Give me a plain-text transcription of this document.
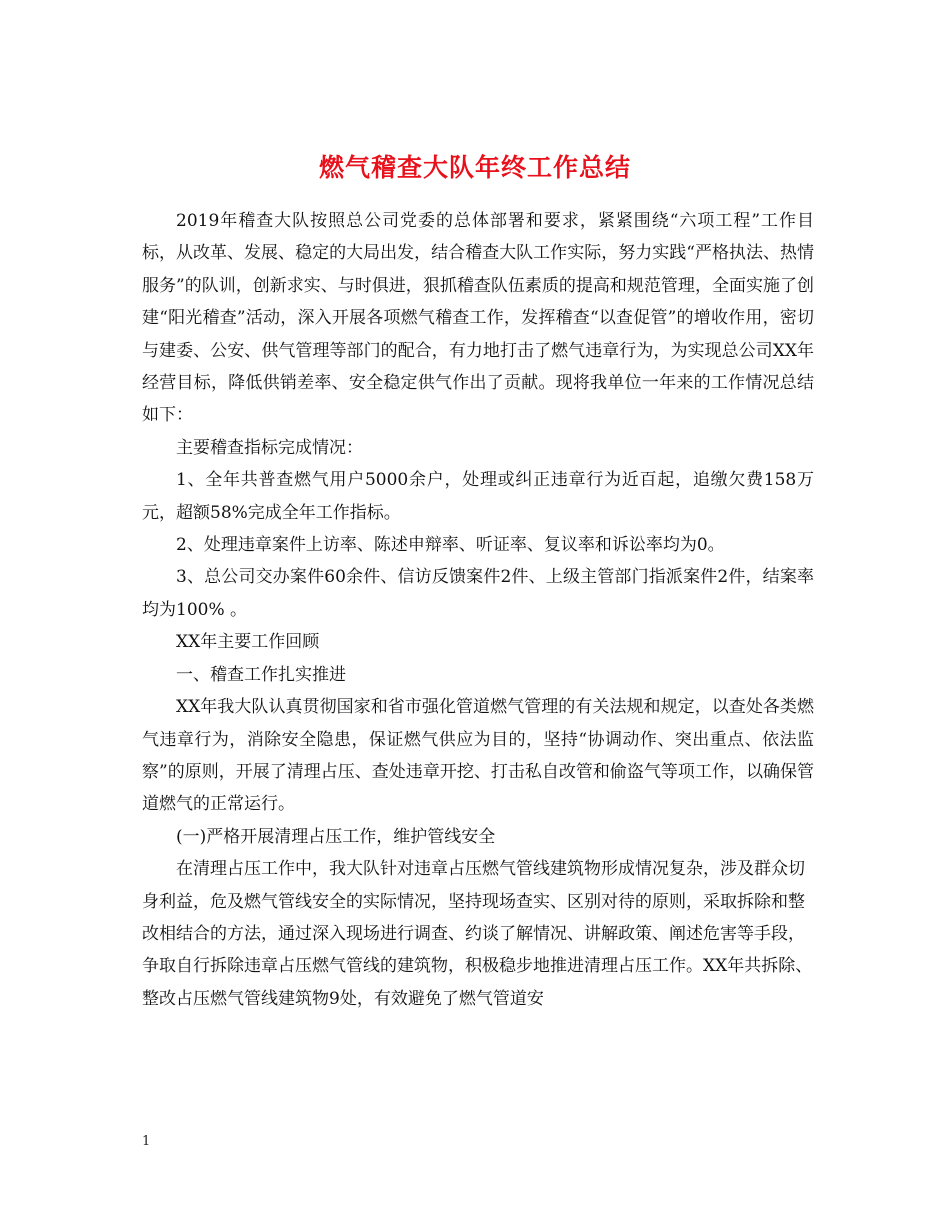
燃气稽查大队年终工作总结

2019年稽查大队按照总公司党委的总体部署和要求，紧紧围绕“六项工程”工作目标，从改革、发展、稳定的大局出发，结合稽查大队工作实际，努力实践“严格执法、热情服务”的队训，创新求实、与时俱进，狠抓稽查队伍素质的提高和规范管理，全面实施了创建“阳光稽查”活动，深入开展各项燃气稽查工作，发挥稽查“以查促管”的增收作用，密切与建委、公安、供气管理等部门的配合，有力地打击了燃气违章行为，为实现总公司XX年经营目标，降低供销差率、安全稳定供气作出了贡献。现将我单位一年来的工作情况总结如下：

主要稽查指标完成情况：

1、全年共普查燃气用户5000余户，处理或纠正违章行为近百起，追缴欠费158万元，超额58%完成全年工作指标。

2、处理违章案件上访率、陈述申辩率、听证率、复议率和诉讼率均为0。

3、总公司交办案件60余件、信访反馈案件2件、上级主管部门指派案件2件，结案率均为100% 。

XX年主要工作回顾

一、稽查工作扎实推进

XX年我大队认真贯彻国家和省市强化管道燃气管理的有关法规和规定，以查处各类燃气违章行为，消除安全隐患，保证燃气供应为目的，坚持“协调动作、突出重点、依法监察”的原则，开展了清理占压、查处违章开挖、打击私自改管和偷盗气等项工作，以确保管道燃气的正常运行。

(一)严格开展清理占压工作，维护管线安全

在清理占压工作中，我大队针对违章占压燃气管线建筑物形成情况复杂，涉及群众切身利益，危及燃气管线安全的实际情况，坚持现场查实、区别对待的原则，采取拆除和整改相结合的方法，通过深入现场进行调查、约谈了解情况、讲解政策、阐述危害等手段，争取自行拆除违章占压燃气管线的建筑物，积极稳步地推进清理占压工作。XX年共拆除、整改占压燃气管线建筑物9处，有效避免了燃气管道安

1
